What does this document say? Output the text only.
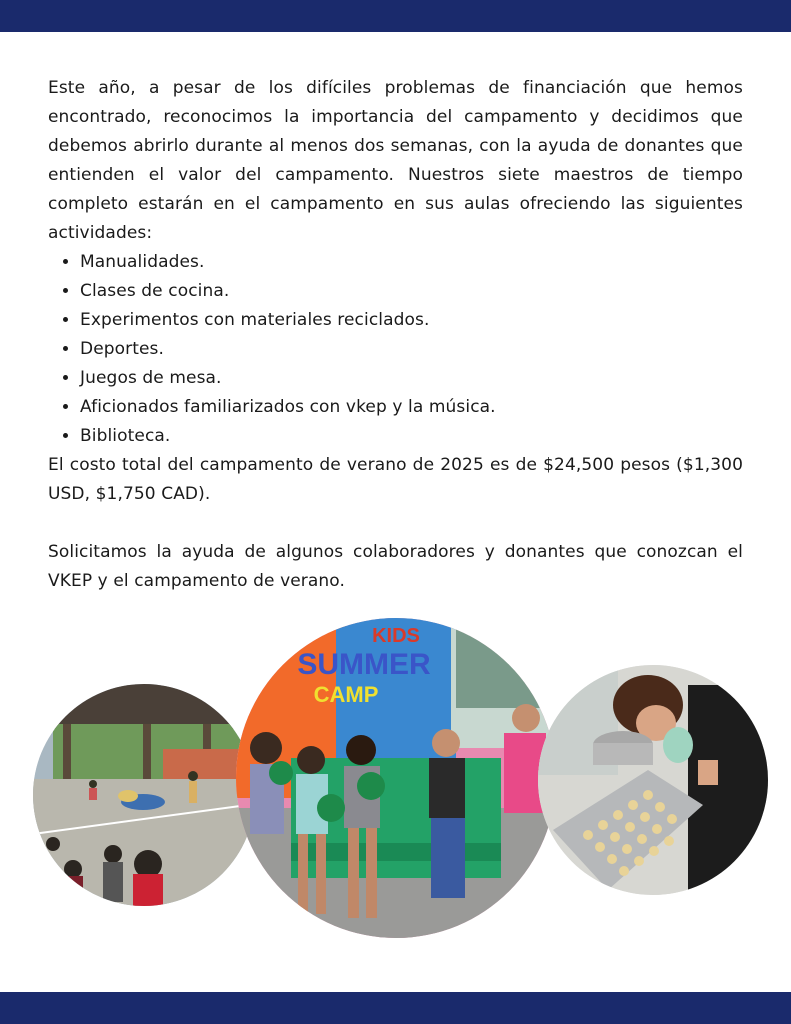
Este año, a pesar de los difíciles problemas de financiación que hemos encontrado, reconocimos la importancia del campamento y decidimos que debemos abrirlo durante al menos dos semanas, con la ayuda de donantes que entienden el valor del campamento. Nuestros siete maestros de tiempo completo estarán en el campamento en sus aulas ofreciendo las siguientes actividades:

• Manualidades.
• Clases de cocina.
• Experimentos con materiales reciclados.
• Deportes.
• Juegos de mesa.
• Aficionados familiarizados con vkep y la música.
• Biblioteca.

El costo total del campamento de verano de 2025 es de $24,500 pesos ($1,300 USD, $1,750 CAD).

Solicitamos la ayuda de algunos colaboradores y donantes que conozcan el VKEP y el campamento de verano.

KIDS
SUMMER
CAMP
